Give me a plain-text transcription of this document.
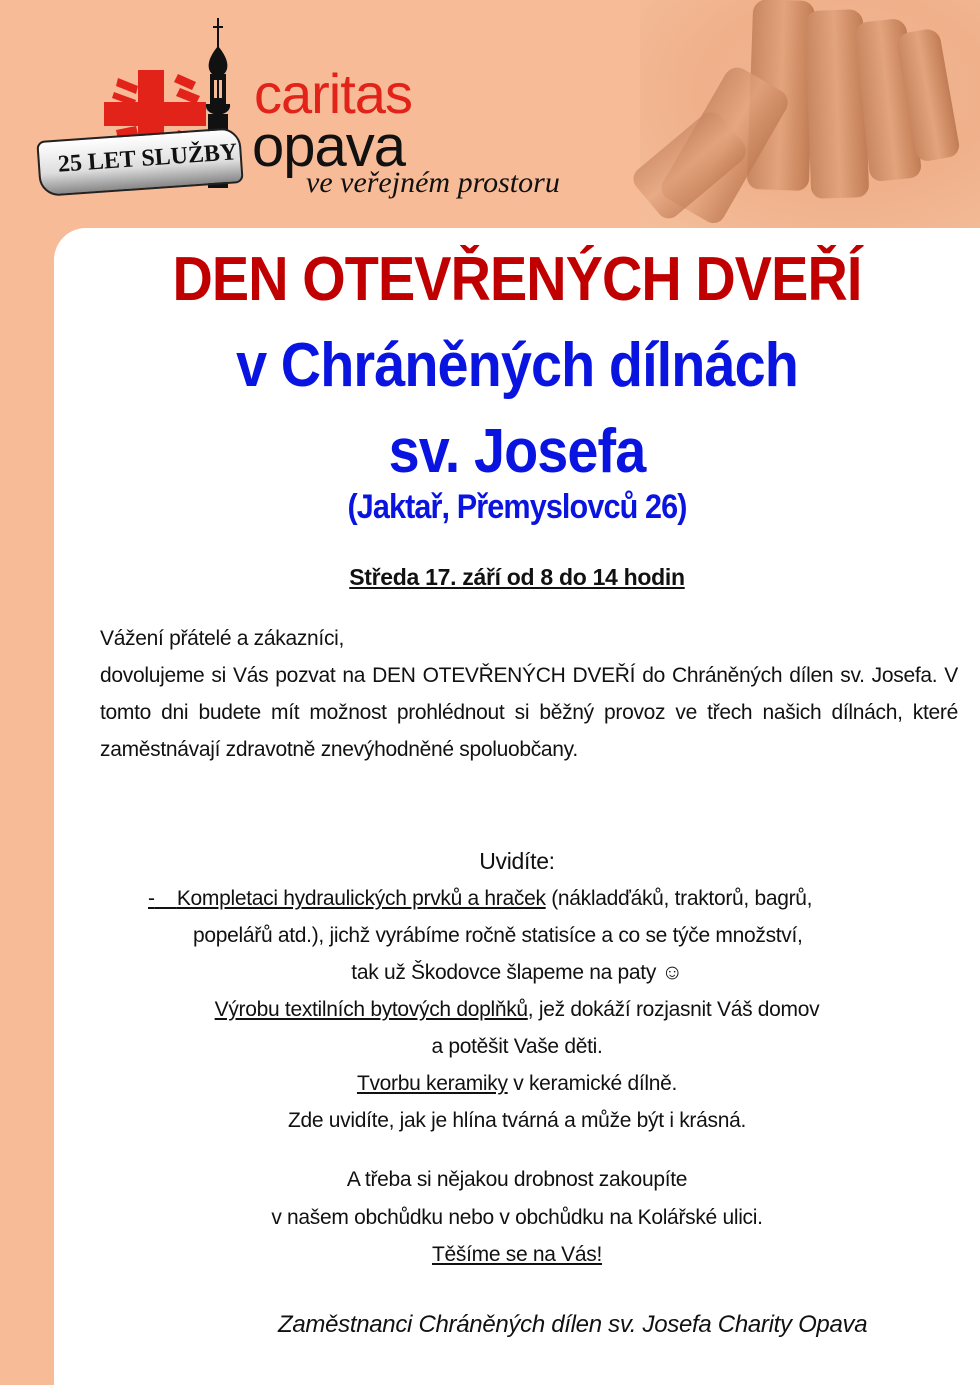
caritas
opava
25 LET SLUŽBY
ve veřejném prostoru
DEN OTEVŘENÝCH DVEŘÍ
v Chráněných dílnách
sv. Josefa
(Jaktař, Přemyslovců 26)
Středa 17. září od 8 do 14 hodin
Vážení přátelé a zákazníci,
dovolujeme si Vás pozvat na DEN OTEVŘENÝCH DVEŘÍ do Chráněných dílen sv. Josefa. V tomto dni budete mít možnost prohlédnout si běžný provoz ve třech našich dílnách, které zaměstnávají zdravotně znevýhodněné spoluobčany.
Uvidíte:
- Kompletaci hydraulických prvků a hraček (nákladďáků, traktorů, bagrů,
popelářů atd.), jichž vyrábíme ročně statisíce a co se týče množství,
tak už Škodovce šlapeme na paty ☺
Výrobu textilních bytových doplňků, jež dokáží rozjasnit Váš domov
a potěšit Vaše děti.
Tvorbu keramiky v keramické dílně.
Zde uvidíte, jak je hlína tvárná a může být i krásná.
A třeba si nějakou drobnost zakoupíte
v našem obchůdku nebo v obchůdku na Kolářské ulici.
Těšíme se na Vás!
Zaměstnanci Chráněných dílen sv. Josefa Charity Opava
